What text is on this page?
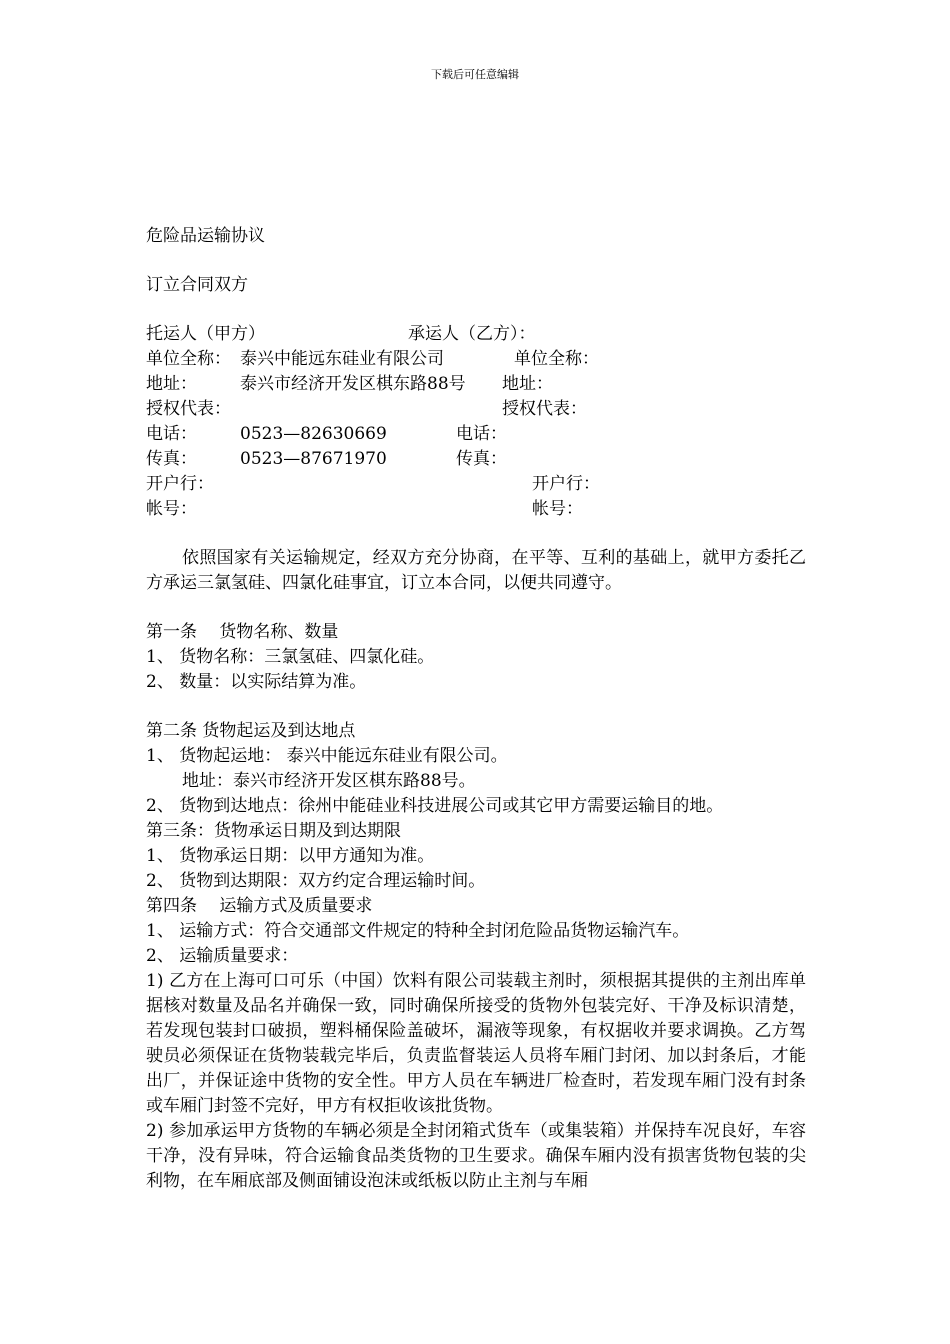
下载后可任意编辑
危险品运输协议
订立合同双方
托运人（甲方）	承运人（乙方）：
单位全称： 泰兴中能远东硅业有限公司	单位全称：
地址：	泰兴市经济开发区棋东路88号 地址：
授权代表：	授权代表：
电话：	0523—82630669	电话：
传真：	0523—87671970	传真：
开户行：	开户行：
帐号：	帐号：

依照国家有关运输规定，经双方充分协商，在平等、互利的基础上，就甲方委托乙方承运三氯氢硅、四氯化硅事宜，订立本合同，以便共同遵守。

第一条　 货物名称、数量
1、 货物名称：三氯氢硅、四氯化硅。
2、 数量：以实际结算为准。
第二条 货物起运及到达地点
1、 货物起运地： 泰兴中能远东硅业有限公司。
地址：泰兴市经济开发区棋东路88号。
2、 货物到达地点：徐州中能硅业科技进展公司或其它甲方需要运输目的地。
第三条：货物承运日期及到达期限
1、 货物承运日期：以甲方通知为准。
2、 货物到达期限：双方约定合理运输时间。
第四条　 运输方式及质量要求
1、 运输方式：符合交通部文件规定的特种全封闭危险品货物运输汽车。
2、 运输质量要求：

1) 乙方在上海可口可乐（中国）饮料有限公司装载主剂时，须根据其提供的主剂出库单据核对数量及品名并确保一致，同时确保所接受的货物外包装完好、干净及标识清楚，若发现包装封口破损，塑料桶保险盖破坏，漏液等现象，有权据收并要求调换。乙方驾驶员必须保证在货物装载完毕后，负责监督装运人员将车厢门封闭、加以封条后，才能出厂，并保证途中货物的安全性。甲方人员在车辆进厂检查时，若发现车厢门没有封条或车厢门封签不完好，甲方有权拒收该批货物。

2) 参加承运甲方货物的车辆必须是全封闭箱式货车（或集装箱）并保持车况良好，车容干净，没有异味，符合运输食品类货物的卫生要求。确保车厢内没有损害货物包装的尖利物，在车厢底部及侧面铺设泡沫或纸板以防止主剂与车厢
